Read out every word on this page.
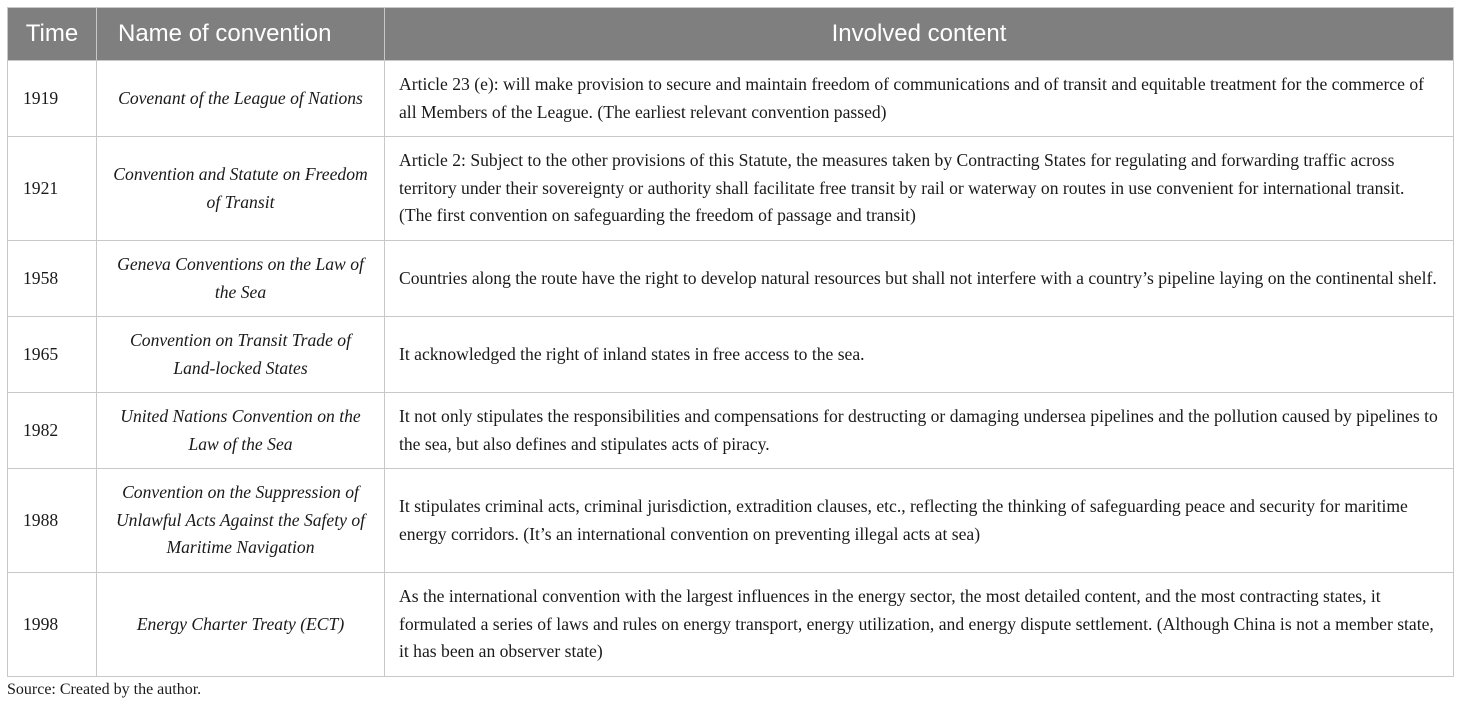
Time	Name of convention	Involved content
1919	Covenant of the League of Nations	Article 23 (e): will make provision to secure and maintain freedom of communications and of transit and equitable treatment for the commerce of all Members of the League. (The earliest relevant convention passed)
1921	Convention and Statute on Freedom of Transit	Article 2: Subject to the other provisions of this Statute, the measures taken by Contracting States for regulating and forwarding traffic across territory under their sovereignty or authority shall facilitate free transit by rail or waterway on routes in use convenient for international transit. (The first convention on safeguarding the freedom of passage and transit)
1958	Geneva Conventions on the Law of the Sea	Countries along the route have the right to develop natural resources but shall not interfere with a country’s pipeline laying on the continental shelf.
1965	Convention on Transit Trade of Land-locked States	It acknowledged the right of inland states in free access to the sea.
1982	United Nations Convention on the Law of the Sea	It not only stipulates the responsibilities and compensations for destructing or damaging undersea pipelines and the pollution caused by pipelines to the sea, but also defines and stipulates acts of piracy.
1988	Convention on the Suppression of Unlawful Acts Against the Safety of Maritime Navigation	It stipulates criminal acts, criminal jurisdiction, extradition clauses, etc., reflecting the thinking of safeguarding peace and security for maritime energy corridors. (It’s an international convention on preventing illegal acts at sea)
1998	Energy Charter Treaty (ECT)	As the international convention with the largest influences in the energy sector, the most detailed content, and the most contracting states, it formulated a series of laws and rules on energy transport, energy utilization, and energy dispute settlement. (Although China is not a member state, it has been an observer state)
Source: Created by the author.
